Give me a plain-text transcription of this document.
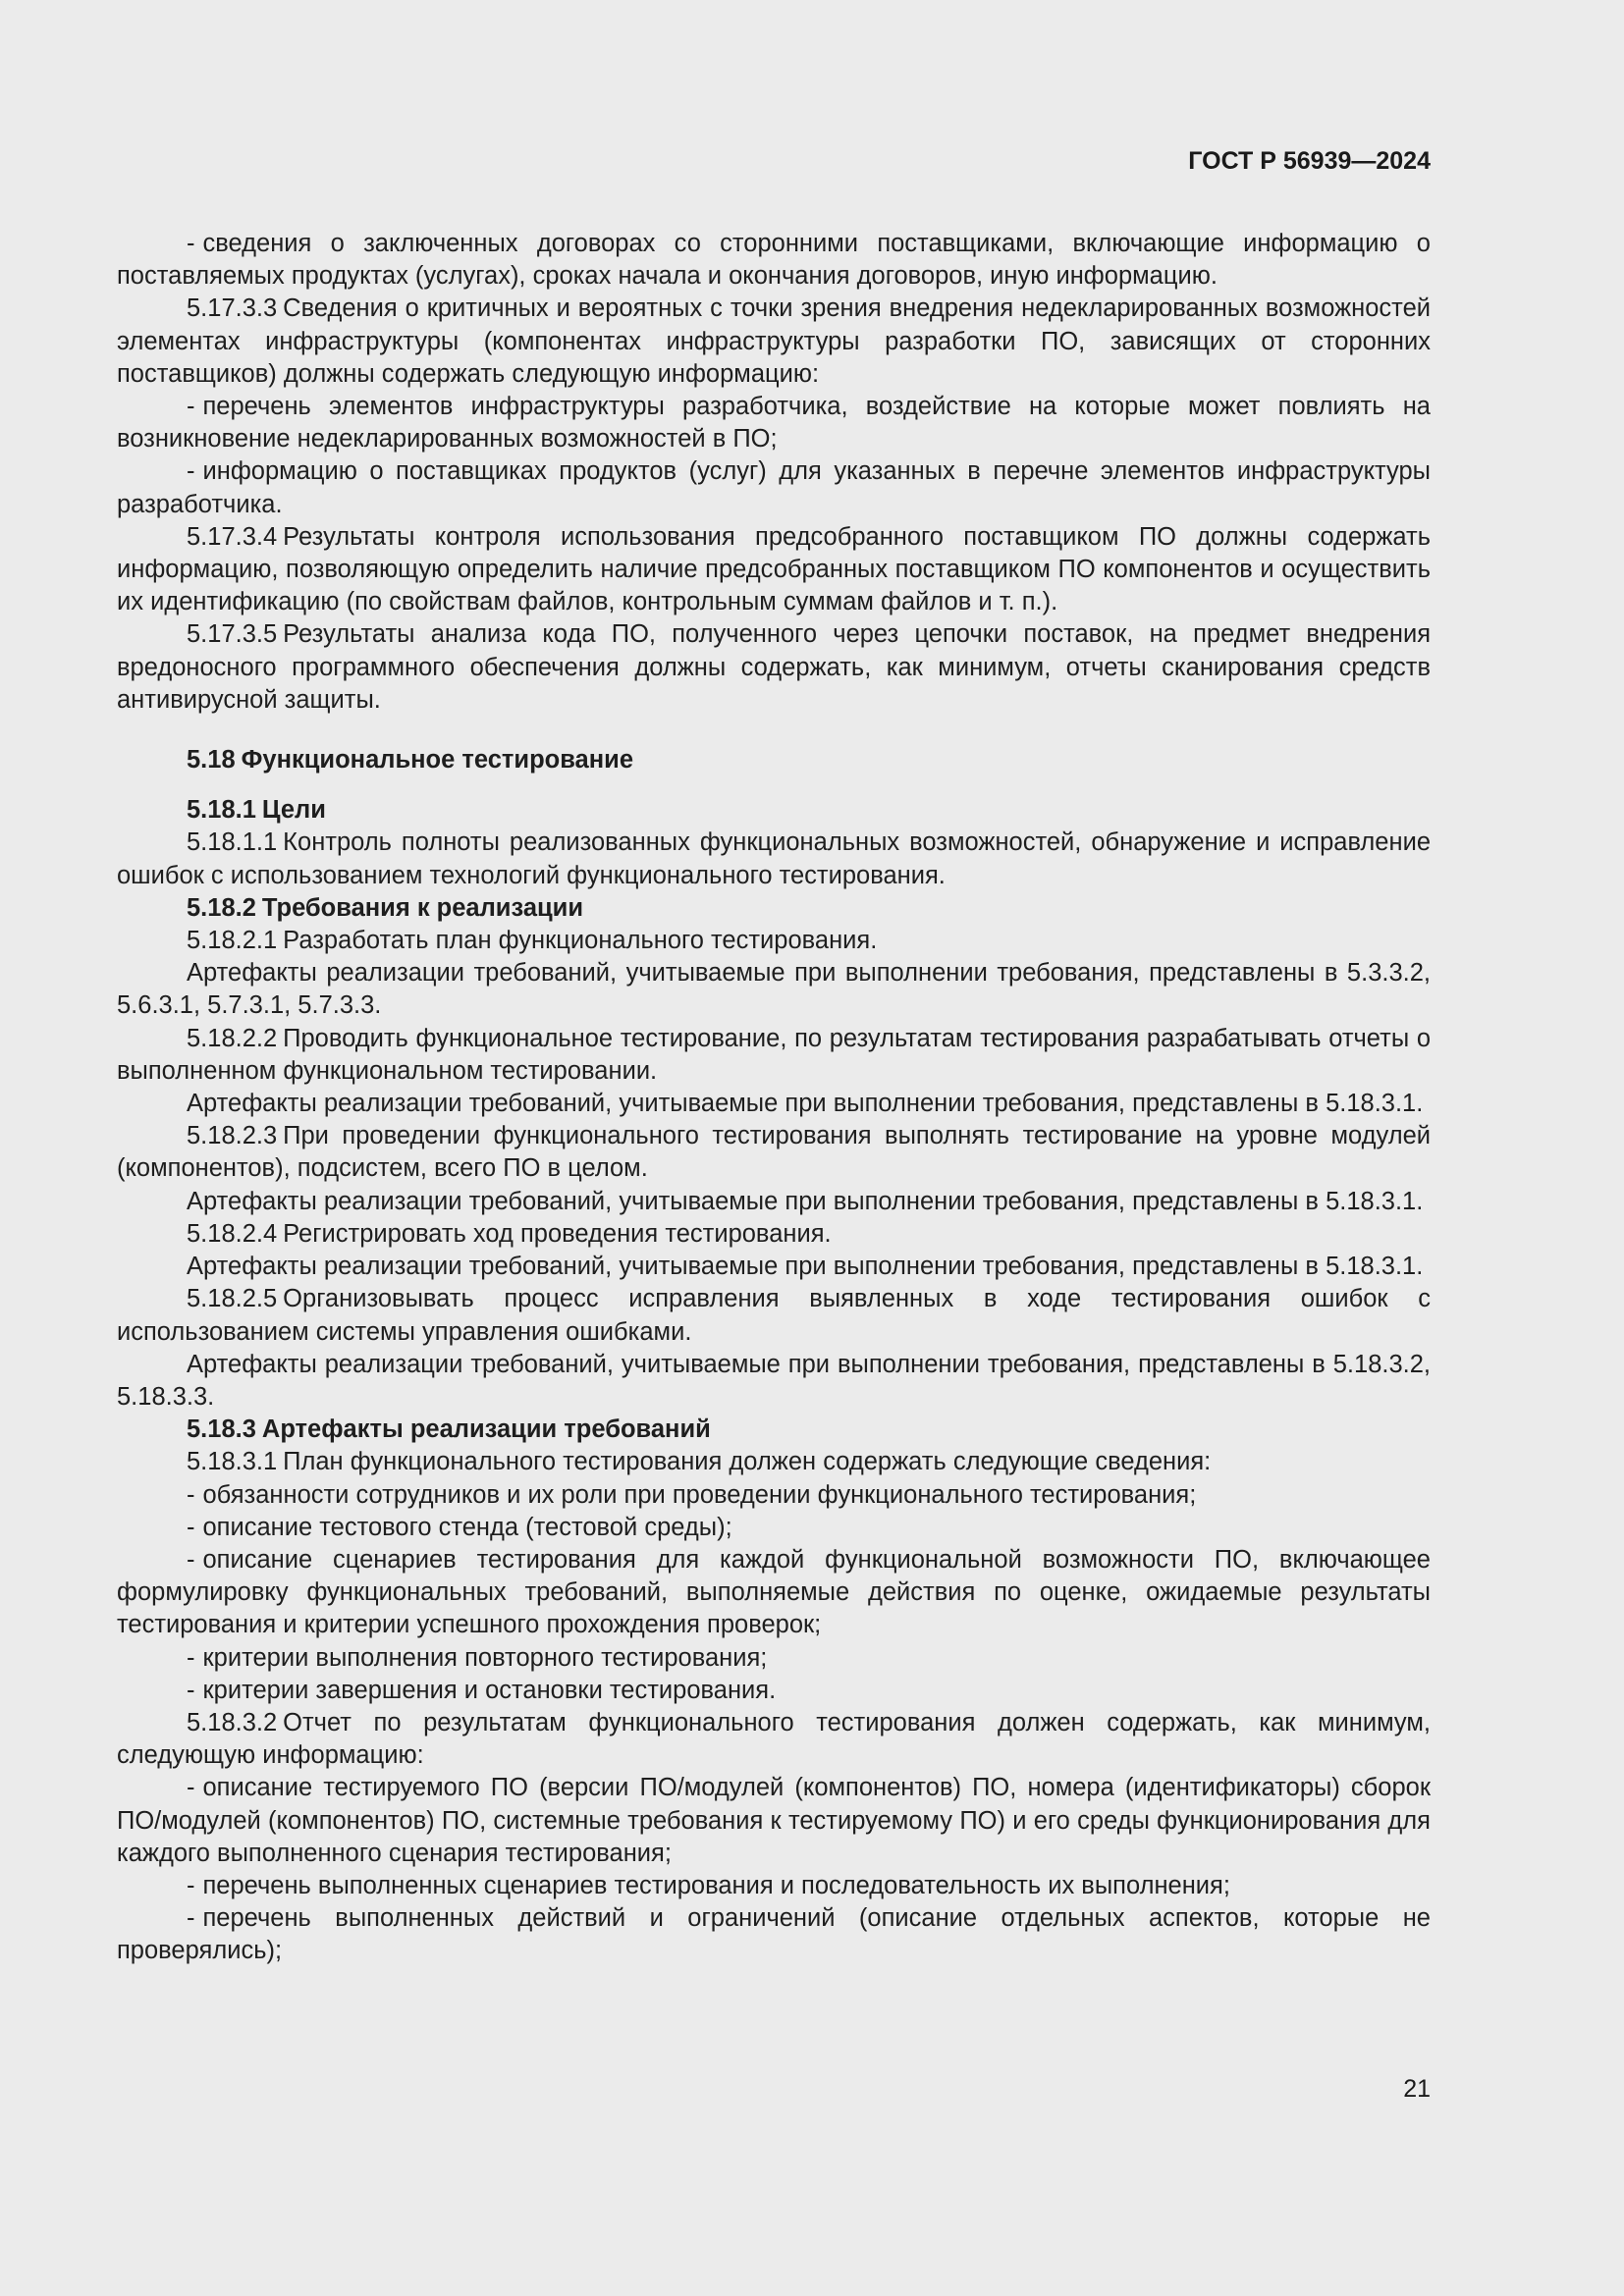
ГОСТ Р 56939—2024

- сведения о заключенных договорах со сторонними поставщиками, включающие информацию о поставляемых продуктах (услугах), сроках начала и окончания договоров, иную информацию.

5.17.3.3 Сведения о критичных и вероятных с точки зрения внедрения недекларированных возможностей элементах инфраструктуры (компонентах инфраструктуры разработки ПО, зависящих от сторонних поставщиков) должны содержать следующую информацию:

- перечень элементов инфраструктуры разработчика, воздействие на которые может повлиять на возникновение недекларированных возможностей в ПО;

- информацию о поставщиках продуктов (услуг) для указанных в перечне элементов инфраструктуры разработчика.

5.17.3.4 Результаты контроля использования предсобранного поставщиком ПО должны содержать информацию, позволяющую определить наличие предсобранных поставщиком ПО компонентов и осуществить их идентификацию (по свойствам файлов, контрольным суммам файлов и т. п.).

5.17.3.5 Результаты анализа кода ПО, полученного через цепочки поставок, на предмет внедрения вредоносного программного обеспечения должны содержать, как минимум, отчеты сканирования средств антивирусной защиты.

5.18 Функциональное тестирование

5.18.1 Цели

5.18.1.1 Контроль полноты реализованных функциональных возможностей, обнаружение и исправление ошибок с использованием технологий функционального тестирования.

5.18.2 Требования к реализации

5.18.2.1 Разработать план функционального тестирования.

Артефакты реализации требований, учитываемые при выполнении требования, представлены в 5.3.3.2, 5.6.3.1, 5.7.3.1, 5.7.3.3.

5.18.2.2 Проводить функциональное тестирование, по результатам тестирования разрабатывать отчеты о выполненном функциональном тестировании.

Артефакты реализации требований, учитываемые при выполнении требования, представлены в 5.18.3.1.

5.18.2.3 При проведении функционального тестирования выполнять тестирование на уровне модулей (компонентов), подсистем, всего ПО в целом.

Артефакты реализации требований, учитываемые при выполнении требования, представлены в 5.18.3.1.

5.18.2.4 Регистрировать ход проведения тестирования.

Артефакты реализации требований, учитываемые при выполнении требования, представлены в 5.18.3.1.

5.18.2.5 Организовывать процесс исправления выявленных в ходе тестирования ошибок с использованием системы управления ошибками.

Артефакты реализации требований, учитываемые при выполнении требования, представлены в 5.18.3.2, 5.18.3.3.

5.18.3 Артефакты реализации требований

5.18.3.1 План функционального тестирования должен содержать следующие сведения:

- обязанности сотрудников и их роли при проведении функционального тестирования;

- описание тестового стенда (тестовой среды);

- описание сценариев тестирования для каждой функциональной возможности ПО, включающее формулировку функциональных требований, выполняемые действия по оценке, ожидаемые результаты тестирования и критерии успешного прохождения проверок;

- критерии выполнения повторного тестирования;

- критерии завершения и остановки тестирования.

5.18.3.2 Отчет по результатам функционального тестирования должен содержать, как минимум, следующую информацию:

- описание тестируемого ПО (версии ПО/модулей (компонентов) ПО, номера (идентификаторы) сборок ПО/модулей (компонентов) ПО, системные требования к тестируемому ПО) и его среды функционирования для каждого выполненного сценария тестирования;

- перечень выполненных сценариев тестирования и последовательность их выполнения;

- перечень выполненных действий и ограничений (описание отдельных аспектов, которые не проверялись);

21
